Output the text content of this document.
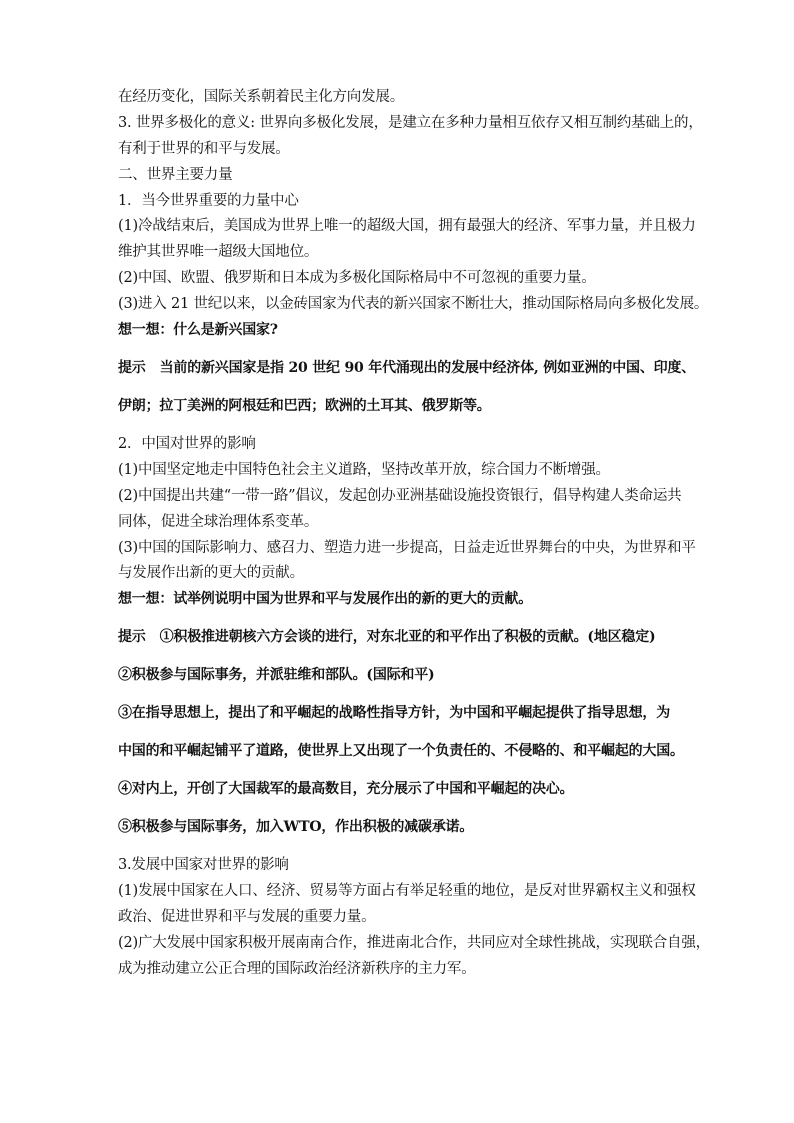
在经历变化，国际关系朝着民主化方向发展。
3. 世界多极化的意义: 世界向多极化发展，是建立在多种力量相互依存又相互制约基础上的，
有利于世界的和平与发展。
二、世界主要力量
1．当今世界重要的力量中心
(1)冷战结束后，美国成为世界上唯一的超级大国，拥有最强大的经济、军事力量，并且极力
维护其世界唯一超级大国地位。
(2)中国、欧盟、俄罗斯和日本成为多极化国际格局中不可忽视的重要力量。
(3)进入 21 世纪以来，以金砖国家为代表的新兴国家不断壮大，推动国际格局向多极化发展。
想一想：什么是新兴国家?
提示 当前的新兴国家是指 20 世纪 90 年代涌现出的发展中经济体, 例如亚洲的中国、印度、
伊朗；拉丁美洲的阿根廷和巴西；欧洲的土耳其、俄罗斯等。
2．中国对世界的影响
(1)中国坚定地走中国特色社会主义道路，坚持改革开放，综合国力不断增强。
(2)中国提出共建“一带一路”倡议，发起创办亚洲基础设施投资银行，倡导构建人类命运共
同体，促进全球治理体系变革。
(3)中国的国际影响力、感召力、塑造力进一步提高，日益走近世界舞台的中央，为世界和平
与发展作出新的更大的贡献。
想一想：试举例说明中国为世界和平与发展作出的新的更大的贡献。
提示 ①积极推进朝核六方会谈的进行，对东北亚的和平作出了积极的贡献。(地区稳定)
②积极参与国际事务，并派驻维和部队。(国际和平)
③在指导思想上，提出了和平崛起的战略性指导方针，为中国和平崛起提供了指导思想，为
中国的和平崛起铺平了道路，使世界上又出现了一个负责任的、不侵略的、和平崛起的大国。
④对内上，开创了大国裁军的最高数目，充分展示了中国和平崛起的决心。
⑤积极参与国际事务，加入WTO，作出积极的减碳承诺。
3.发展中国家对世界的影响
(1)发展中国家在人口、经济、贸易等方面占有举足轻重的地位，是反对世界霸权主义和强权
政治、促进世界和平与发展的重要力量。
(2)广大发展中国家积极开展南南合作，推进南北合作，共同应对全球性挑战，实现联合自强，
成为推动建立公正合理的国际政治经济新秩序的主力军。
